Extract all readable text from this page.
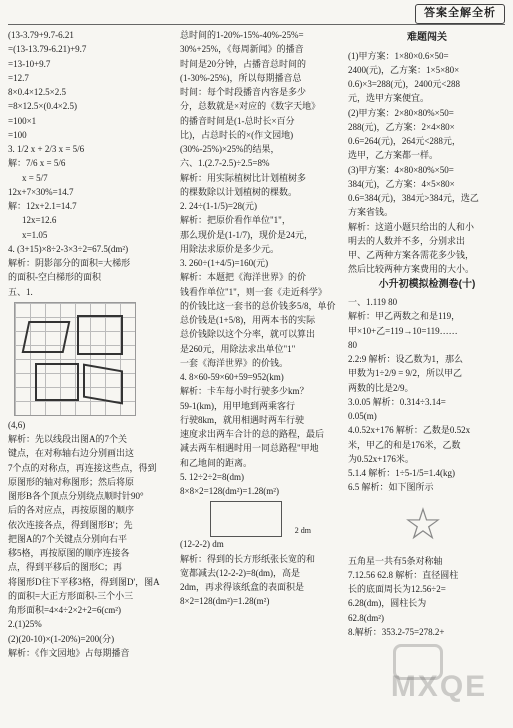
答案全解全析
(13-3.79+9.7-6.21
=(13-13.79-6.21)+9.7
=13-10+9.7
=12.7
8×0.4×12.5×2.5
=8×12.5×(0.4×2.5)
=100×1
=100
3. 1/2 x + 2/3 x = 5/6
解：7/6 x = 5/6
x = 5/7
12x+7×30%=14.7
解：12x+2.1=14.7
12x=12.6
x=1.05
4. (3+15)×8÷2-3×3÷2=67.5(dm²)
解析：阴影部分的面积=大梯形
的面积-空白梯形的面积
五、1.
(4,6)
解析：先以线段出图A的7个关
键点，在对称轴右边分别画出这
7个点的对称点，再连接这些点，得到
原图形的轴对称图形；然后将原
图形B各个顶点分别绕点顺时针90°
后的各对应点，再按原图的顺序
依次连接各点，得到图形B'；先
把图A的7个关键点分别向右平
移5格，再按原图的顺序连接各
点，得到平移后的图形C；再
将图形D往下平移3格，得到图D'，图A
的面积=大正方形面积-三个小三
角形面积=4×4÷2×2+2=6(cm²)
2.(1)25%
(2)(20-10)×(1-20%)=200(分)
解析：《作文园地》占每期播音
总时间的1-20%-15%-40%-25%=
30%+25%，《每周新闻》的播音
时间是20分钟，占播音总时间的
(1-30%-25%)，所以每期播音总
时间：每个时段播音内容是多少
分，总数就是×对应的《数字天地》
的播音时间是(1-总时长×百分
比)，占总时长的×(作文园地)
(30%-25%)×25%的结果，
六、1.(2.7-2.5)÷2.5=8%
解析：用实际植树比计划植树多
的棵数除以计划植树的棵数。
2. 24÷(1-1/5)=28(元)
解析：把原价看作单位"1"，
那么现价是(1-1/7)，现价是24元，
用除法求原价是多少元。
3. 260÷(1+4/5)=160(元)
解析：本题把《海洋世界》的价
钱看作单位"1"，则一套《走近科学》
的价钱比这一套书的总价钱多5/8，单价
总价钱是(1+5/8)，用两本书的实际
总价钱除以这个分率，就可以算出
是260元，用除法求出单位"1"
一套《海洋世界》的价钱。
4. 8×60-59×60+59=952(km)
解析：卡车每小时行驶多少km？
59-1(km)，用甲地到两乘客行
行驶8km，就用相遇时两车行驶
速度求出两车合计的总的路程，最后
减去两车相遇时用一同总路程"甲地
和乙地间的距离。
5. 12÷2÷2=8(dm)
8×8×2=128(dm²)=1.28(m²)
2 dm
(12-2-2) dm
解析：得到的长方形纸张长宽的和
宽都减去(12-2-2)=8(dm)，高是
2dm，再求得该纸盒的表面积是
8×2=128(dm²)=1.28(m²)
难题闯关
(1)甲方案：1×80×0.6×50=
2400(元)，乙方案：1×5×80×
0.6)×3=288(元)，2400元<288
元，选甲方案便宜。
(2)甲方案：2×80×80%×50=
288(元)，乙方案：2×4×80×
0.6=264(元)，264元<288元，
选甲，乙方案都一样。
(3)甲方案：4×80×80%×50=
384(元)，乙方案：4×5×80×
0.6=384(元)，384元>384元，选乙
方案省钱。
解析：这道小题只给出的人和小
明去的人数并不多，分别求出
甲、乙两种方案各需花多少钱，
然后比较两种方案费用的大小。
小升初模拟检测卷(十)
一、1.119 80
解析：甲乙两数之和是119，
甲×10+乙=119→10=119……
80
2.2:9 解析：设乙数为1，那么
甲数为1÷2/9 = 9/2，所以甲乙
两数的比是2/9。
3.0.05 解析：0.314÷3.14=
0.05(m)
4.0.52x+176 解析：乙数是0.52x
米，甲乙的和是176米，乙数
为0.52x+176米。
5.1.4 解析：1÷5-1/5=1.4(kg)
6.5 解析：如下图所示
☆
五角星一共有5条对称轴
7.12.56 62.8 解析：直径圆柱
长的底面周长为12.56÷2=
6.28(dm)，圆柱长为
62.8(dm²)
8.解析：353.2-75=278.2+
MXQE
